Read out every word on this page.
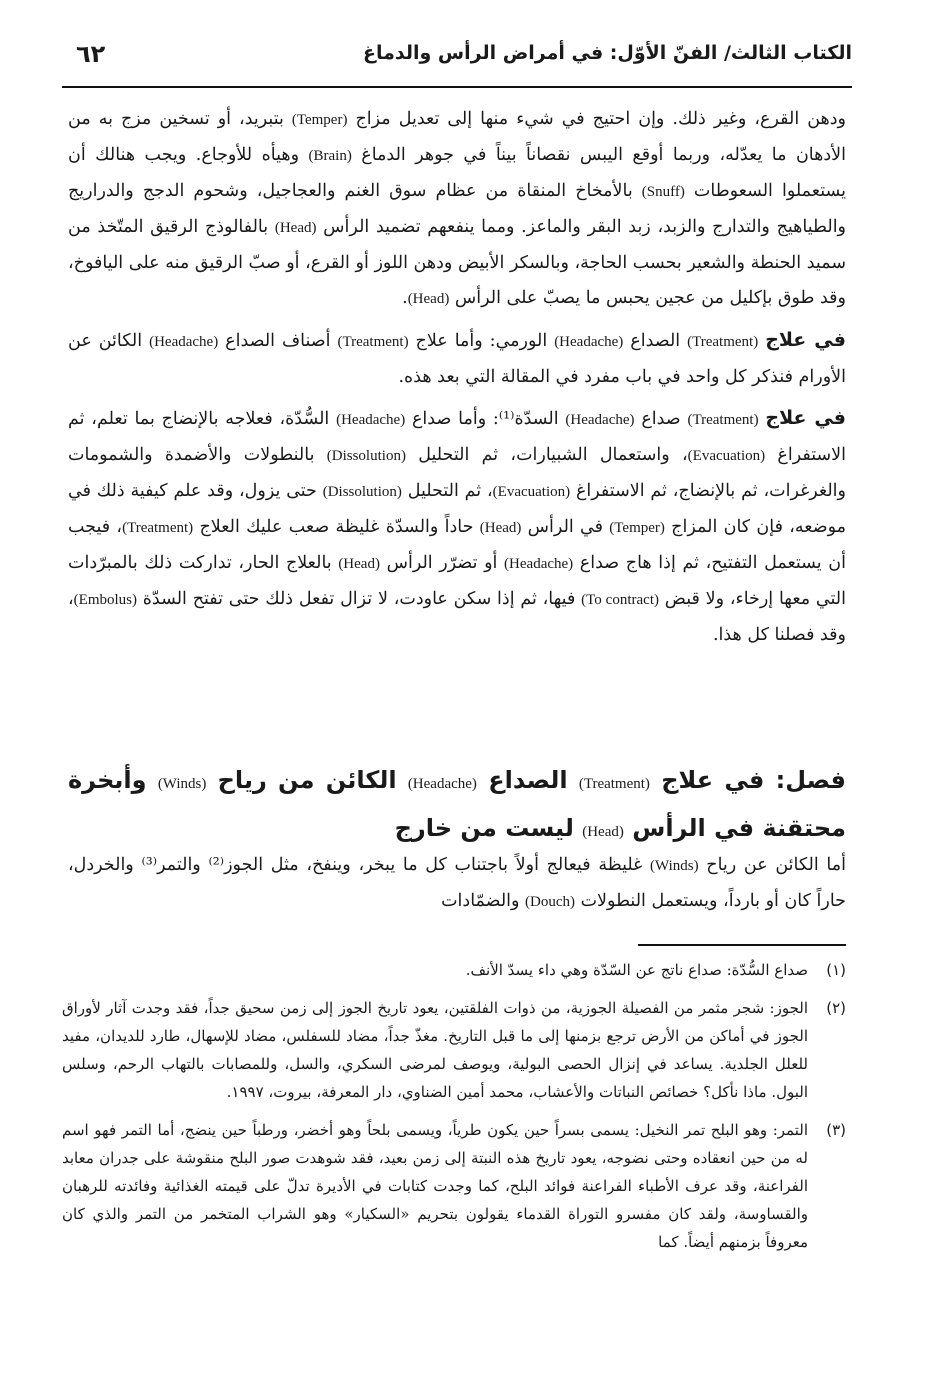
٦٢	الكتاب الثالث/ الفنّ الأوّل: في أمراض الرأس والدماغ

ودهن القرع، وغير ذلك. وإن احتيج في شيء منها إلى تعديل مزاج (Temper) بتبريد، أو تسخين مزج به من الأدهان ما يعدّله، وربما أوقع اليبس نقصاناً بيناً في جوهر الدماغ (Brain) وهيأه للأوجاع. ويجب هنالك أن يستعملوا السعوطات (Snuff) بالأمخاخ المنقاة من عظام سوق الغنم والعجاجيل، وشحوم الدجج والدراريج والطياهيج والتدارج والزبد، زبد البقر والماعز. ومما ينفعهم تضميد الرأس (Head) بالفالوذج الرقيق المتّخذ من سميد الحنطة والشعير بحسب الحاجة، وبالسكر الأبيض ودهن اللوز أو القرع، أو صبّ الرقيق منه على اليافوخ، وقد طوق بإكليل من عجين يحبس ما يصبّ على الرأس (Head).

في علاج (Treatment) الصداع (Headache) الورمي: وأما علاج (Treatment) أصناف الصداع (Headache) الكائن عن الأورام فنذكر كل واحد في باب مفرد في المقالة التي بعد هذه.

في علاج (Treatment) صداع (Headache) السدّة⁽¹⁾: وأما صداع (Headache) السُّدّة، فعلاجه بالإنضاج بما تعلم، ثم الاستفراغ (Evacuation)، واستعمال الشبيارات، ثم التحليل (Dissolution) بالنطولات والأضمدة والشمومات والغرغرات، ثم بالإنضاج، ثم الاستفراغ (Evacuation)، ثم التحليل (Dissolution) حتى يزول، وقد علم كيفية ذلك في موضعه، فإن كان المزاج (Temper) في الرأس (Head) حاداً والسدّة غليظة صعب عليك العلاج (Treatment)، فيجب أن يستعمل التفتيح، ثم إذا هاج صداع (Headache) أو تضرّر الرأس (Head) بالعلاج الحار، تداركت ذلك بالمبرّدات التي معها إرخاء، ولا قبض (To contract) فيها، ثم إذا سكن عاودت، لا تزال تفعل ذلك حتى تفتح السدّة (Embolus)، وقد فصلنا كل هذا.

فصل: في علاج (Treatment) الصداع (Headache) الكائن من رياح (Winds) وأبخرة محتقنة في الرأس (Head) ليست من خارج

أما الكائن عن رياح (Winds) غليظة فيعالج أولاً باجتناب كل ما يبخر، وينفخ، مثل الجوز⁽²⁾ والتمر⁽³⁾ والخردل، حاراً كان أو بارداً، ويستعمل النطولات (Douch) والضمّادات

(١)
صداع السُّدّة: صداع ناتج عن السّدّة وهي داء يسدّ الأنف.
(٢)
الجوز: شجر مثمر من الفصيلة الجوزية، من ذوات الفلقتين، يعود تاريخ الجوز إلى زمن سحيق جداً، فقد وجدت آثار لأوراق الجوز في أماكن من الأرض ترجع بزمنها إلى ما قبل التاريخ. مغذّ جداً، مضاد للسفلس، مضاد للإسهال، طارد للديدان، مفيد للعلل الجلدية. يساعد في إنزال الحصى البولية، ويوصف لمرضى السكري، والسل، وللمصابات بالتهاب الرحم، وسلس البول. ماذا نأكل؟ خصائص النباتات والأعشاب، محمد أمين الضناوي، دار المعرفة، بيروت، ١٩٩٧.
(٣)
التمر: وهو البلح تمر النخيل: يسمى بسراً حين يكون طرياً، ويسمى بلحاً وهو أخضر، ورطباً حين ينضج، أما التمر فهو اسم له من حين انعقاده وحتى نضوجه، يعود تاريخ هذه النبتة إلى زمن بعيد، فقد شوهدت صور البلح منقوشة على جدران معابد الفراعنة، وقد عرف الأطباء الفراعنة فوائد البلح، كما وجدت كتابات في الأديرة تدلّ على قيمته الغذائية وفائدته للرهبان والقساوسة، ولقد كان مفسرو التوراة القدماء يقولون بتحريم «السكيار» وهو الشراب المتخمر من التمر والذي كان معروفاً بزمنهم أيضاً. كما
